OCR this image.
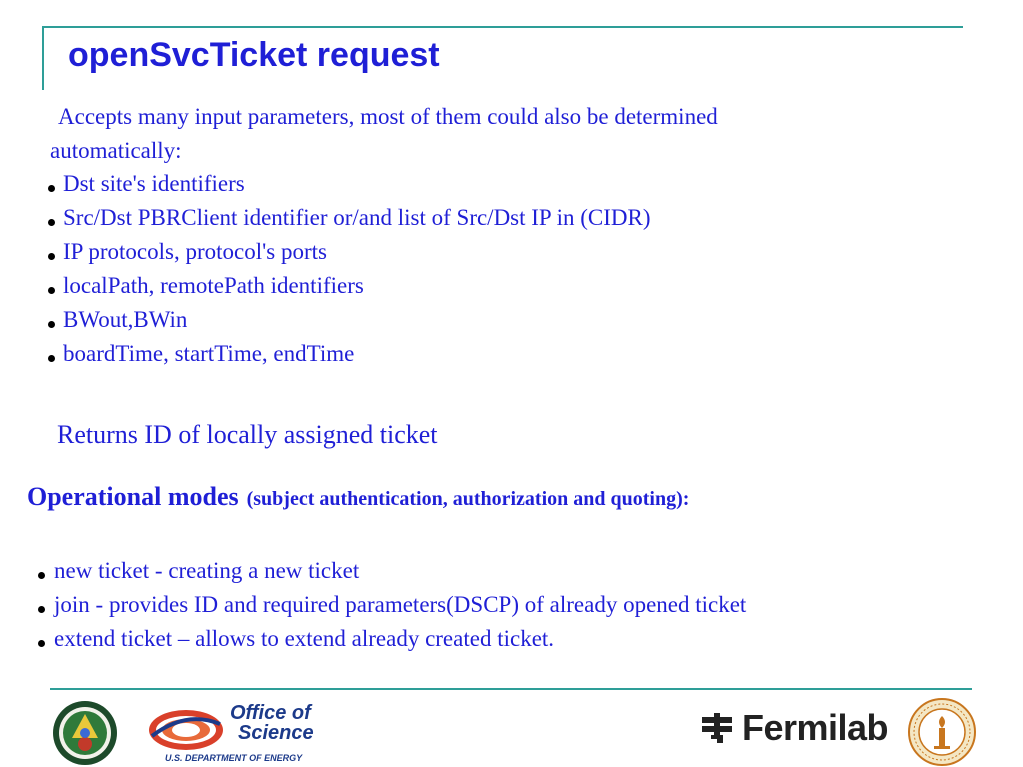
openSvcTicket request
Accepts many input parameters, most of them could also be determined
automatically:
Dst site's identifiers
Src/Dst PBRClient identifier or/and list of Src/Dst IP in (CIDR)
IP protocols, protocol's ports
localPath, remotePath identifiers
BWout,BWin
boardTime, startTime, endTime
Returns ID of locally assigned ticket
Operational modes (subject authentication, authorization and quoting):
new ticket - creating a new ticket
join - provides ID and required parameters(DSCP) of already opened ticket
extend ticket – allows to extend already created ticket.
Office of
Science
U.S. DEPARTMENT OF ENERGY
Fermilab
